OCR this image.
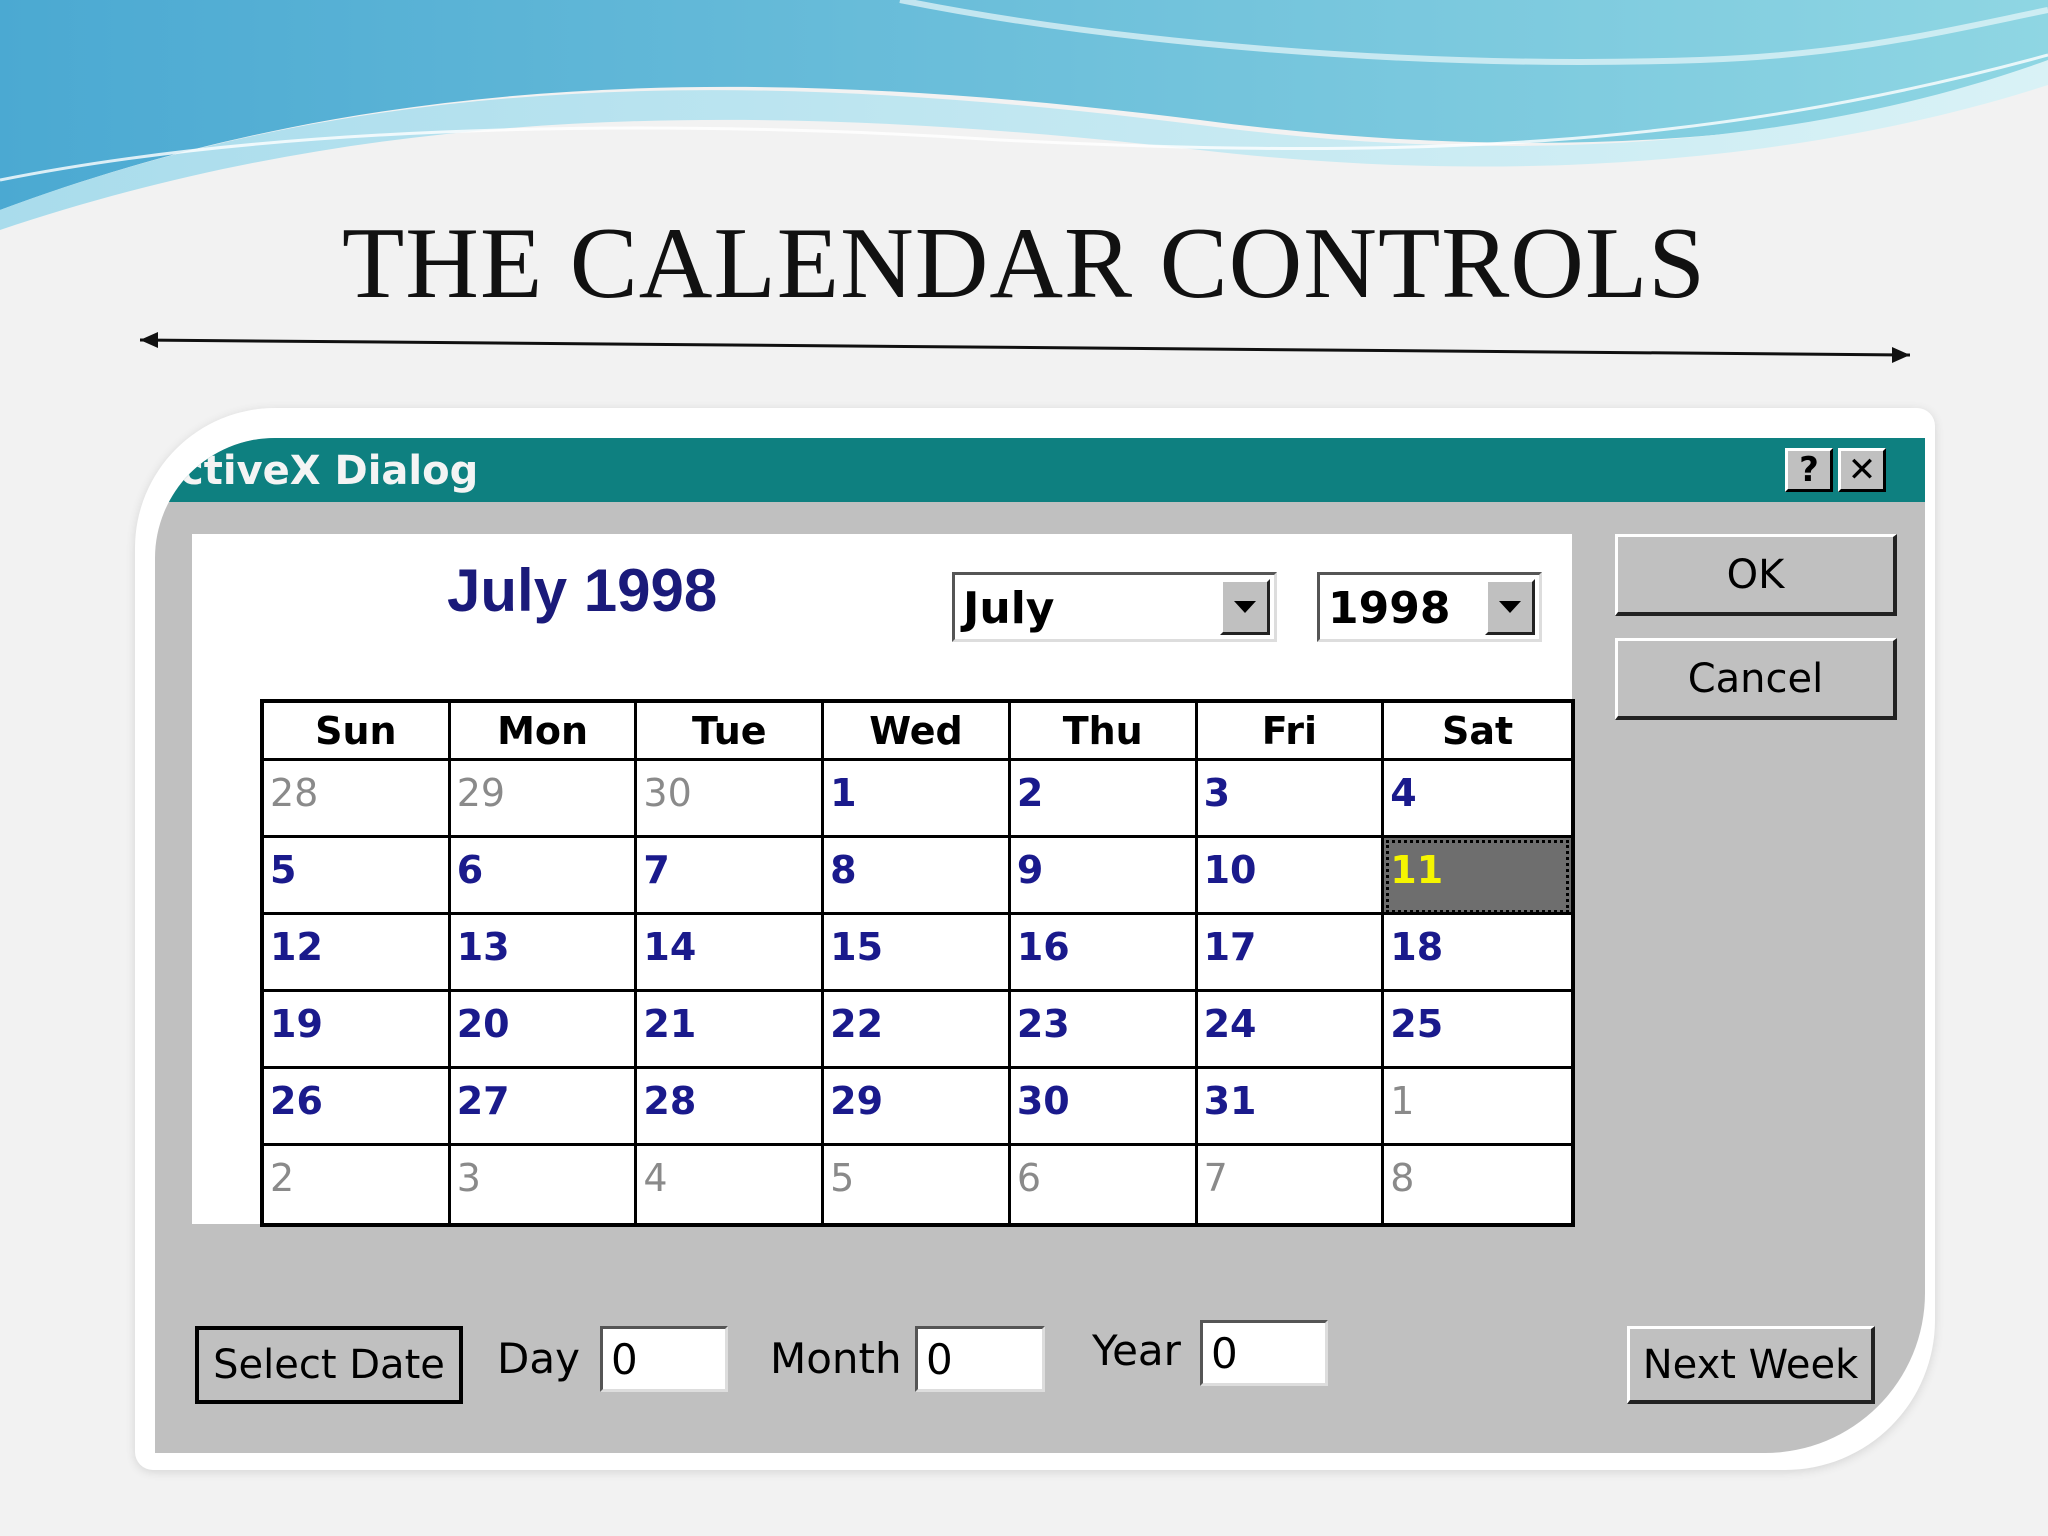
THE CALENDAR CONTROLS
ctiveX Dialog	? ✕
July 1998	July	1998
Sun	Mon	Tue	Wed	Thu	Fri	Sat
28	29	30	1	2	3	4
5	6	7	8	9	10	11
12	13	14	15	16	17	18
19	20	21	22	23	24	25
26	27	28	29	30	31	1
2	3	4	5	6	7	8
OK
Cancel
Select Date	Day 0	Month 0	Year 0	Next Week
